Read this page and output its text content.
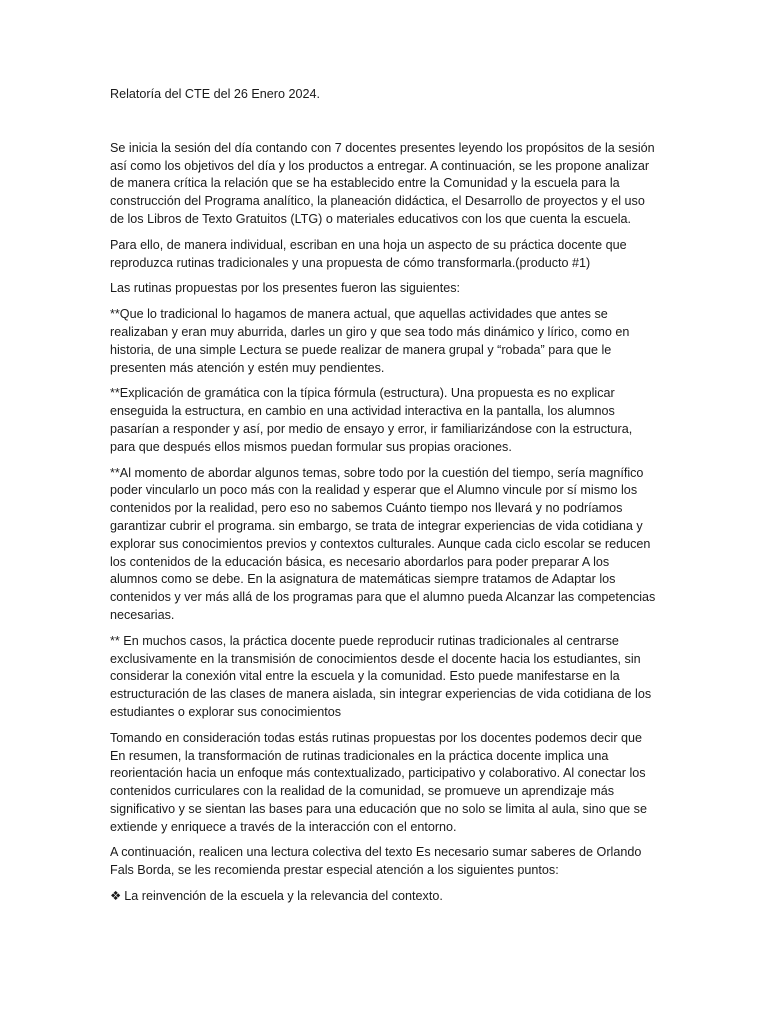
Relatoría del CTE del 26 Enero 2024.

Se inicia la sesión del día contando con 7 docentes presentes leyendo los propósitos de la sesión así como los objetivos del día y los productos a entregar. A continuación, se les propone analizar de manera crítica la relación que se ha establecido entre la Comunidad y la escuela para la construcción del Programa analítico, la planeación didáctica, el Desarrollo de proyectos y el uso de los Libros de Texto Gratuitos (LTG) o materiales educativos con los que cuenta la escuela.

Para ello, de manera individual, escriban en una hoja un aspecto de su práctica docente que reproduzca rutinas tradicionales y una propuesta de cómo transformarla.(producto #1)

Las rutinas propuestas por los presentes fueron las siguientes:

**Que lo tradicional lo hagamos de manera actual, que aquellas actividades que antes se realizaban y eran muy aburrida, darles un giro y que sea todo más dinámico y lírico, como en historia, de una simple Lectura se puede realizar de manera grupal y “robada” para que le presenten más atención y estén muy pendientes.

**Explicación de gramática con la típica fórmula (estructura). Una propuesta es no explicar enseguida la estructura, en cambio en una actividad interactiva en la pantalla, los alumnos pasarían a responder y así, por medio de ensayo y error, ir familiarizándose con la estructura, para que después ellos mismos puedan formular sus propias oraciones.

**Al momento de abordar algunos temas, sobre todo por la cuestión del tiempo, sería magnífico poder vincularlo un poco más con la realidad y esperar que el Alumno vincule por sí mismo los contenidos por la realidad, pero eso no sabemos Cuánto tiempo nos llevará y no podríamos garantizar cubrir el programa. sin embargo, se trata de integrar experiencias de vida cotidiana y explorar sus conocimientos previos y contextos culturales. Aunque cada ciclo escolar se reducen los contenidos de la educación básica, es necesario abordarlos para poder preparar A los alumnos como se debe. En la asignatura de matemáticas siempre tratamos de Adaptar los contenidos y ver más allá de los programas para que el alumno pueda Alcanzar las competencias necesarias.

** En muchos casos, la práctica docente puede reproducir rutinas tradicionales al centrarse exclusivamente en la transmisión de conocimientos desde el docente hacia los estudiantes, sin considerar la conexión vital entre la escuela y la comunidad. Esto puede manifestarse en la estructuración de las clases de manera aislada, sin integrar experiencias de vida cotidiana de los estudiantes o explorar sus conocimientos

Tomando en consideración todas estás rutinas propuestas por los docentes podemos decir que En resumen, la transformación de rutinas tradicionales en la práctica docente implica una reorientación hacia un enfoque más contextualizado, participativo y colaborativo. Al conectar los contenidos curriculares con la realidad de la comunidad, se promueve un aprendizaje más significativo y se sientan las bases para una educación que no solo se limita al aula, sino que se extiende y enriquece a través de la interacción con el entorno.

A continuación, realicen una lectura colectiva del texto Es necesario sumar saberes de Orlando Fals Borda, se les recomienda prestar especial atención a los siguientes puntos:

❖ La reinvención de la escuela y la relevancia del contexto.
